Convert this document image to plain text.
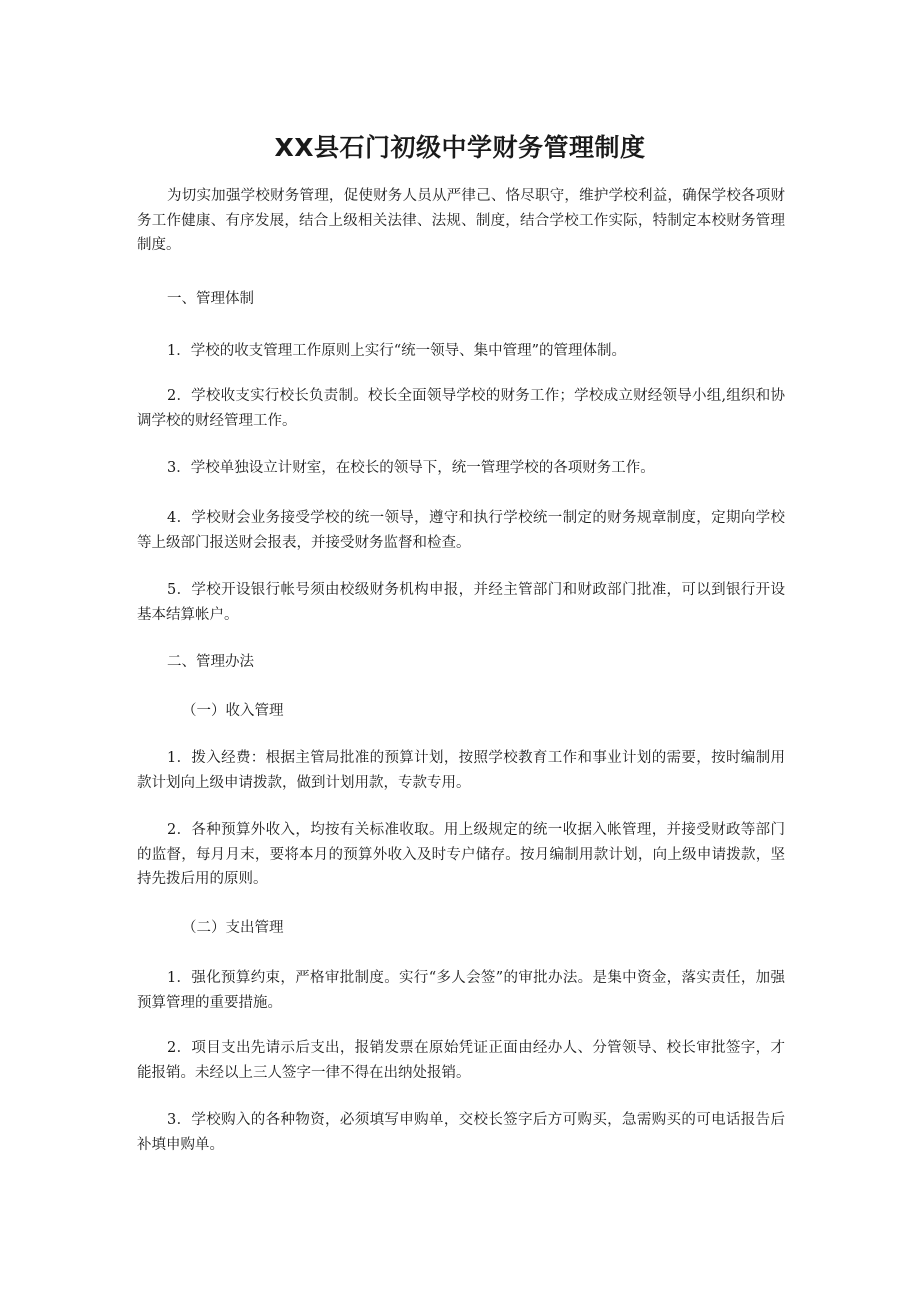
XX县石门初级中学财务管理制度

为切实加强学校财务管理，促使财务人员从严律己、恪尽职守，维护学校利益，确保学校各项财务工作健康、有序发展，结合上级相关法律、法规、制度，结合学校工作实际，特制定本校财务管理制度。

一、管理体制

1．学校的收支管理工作原则上实行“统一领导、集中管理”的管理体制。

2．学校收支实行校长负责制。校长全面领导学校的财务工作；学校成立财经领导小组,组织和协调学校的财经管理工作。

3．学校单独设立计财室，在校长的领导下，统一管理学校的各项财务工作。

4．学校财会业务接受学校的统一领导，遵守和执行学校统一制定的财务规章制度，定期向学校等上级部门报送财会报表，并接受财务监督和检查。

5．学校开设银行帐号须由校级财务机构申报，并经主管部门和财政部门批准，可以到银行开设基本结算帐户。

二、管理办法

（一）收入管理

1．拨入经费：根据主管局批准的预算计划，按照学校教育工作和事业计划的需要，按时编制用款计划向上级申请拨款，做到计划用款，专款专用。

2．各种预算外收入，均按有关标准收取。用上级规定的统一收据入帐管理，并接受财政等部门的监督，每月月末，要将本月的预算外收入及时专户储存。按月编制用款计划，向上级申请拨款，坚持先拨后用的原则。

（二）支出管理

1．强化预算约束，严格审批制度。实行“多人会签”的审批办法。是集中资金，落实责任，加强预算管理的重要措施。

2．项目支出先请示后支出，报销发票在原始凭证正面由经办人、分管领导、校长审批签字，才能报销。未经以上三人签字一律不得在出纳处报销。

3．学校购入的各种物资，必须填写申购单，交校长签字后方可购买，急需购买的可电话报告后补填申购单。
